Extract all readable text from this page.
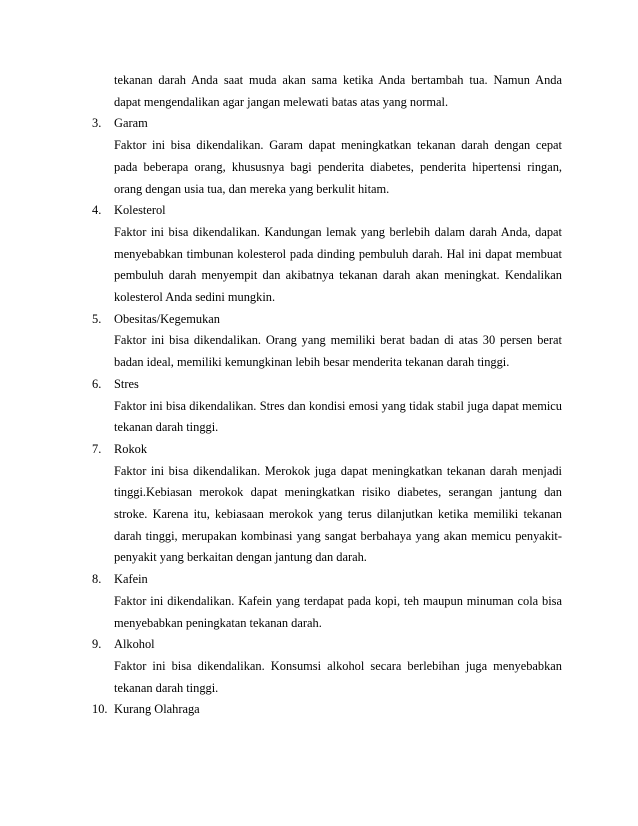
tekanan darah Anda saat muda akan sama ketika Anda bertambah tua. Namun Anda
dapat mengendalikan agar jangan melewati batas atas yang normal.
3. Garam
Faktor ini bisa dikendalikan. Garam dapat meningkatkan tekanan darah dengan cepat
pada beberapa orang, khususnya bagi penderita diabetes, penderita hipertensi ringan,
orang dengan usia tua, dan mereka yang berkulit hitam.
4. Kolesterol
Faktor ini bisa dikendalikan. Kandungan lemak yang berlebih dalam darah Anda, dapat
menyebabkan timbunan kolesterol pada dinding pembuluh darah. Hal ini dapat membuat
pembuluh darah menyempit dan akibatnya tekanan darah akan meningkat. Kendalikan
kolesterol Anda sedini mungkin.
5. Obesitas/Kegemukan
Faktor ini bisa dikendalikan. Orang yang memiliki berat badan di atas 30 persen berat
badan ideal, memiliki kemungkinan lebih besar menderita tekanan darah tinggi.
6. Stres
Faktor ini bisa dikendalikan. Stres dan kondisi emosi yang tidak stabil juga dapat memicu
tekanan darah tinggi.
7. Rokok
Faktor ini bisa dikendalikan. Merokok juga dapat meningkatkan tekanan darah menjadi
tinggi.Kebiasan merokok dapat meningkatkan risiko diabetes, serangan jantung dan
stroke. Karena itu, kebiasaan merokok yang terus dilanjutkan ketika memiliki tekanan
darah tinggi, merupakan kombinasi yang sangat berbahaya yang akan memicu penyakit-
penyakit yang berkaitan dengan jantung dan darah.
8. Kafein
Faktor ini dikendalikan. Kafein yang terdapat pada kopi, teh maupun minuman cola bisa
menyebabkan peningkatan tekanan darah.
9. Alkohol
Faktor ini bisa dikendalikan. Konsumsi alkohol secara berlebihan juga menyebabkan
tekanan darah tinggi.
10. Kurang Olahraga
